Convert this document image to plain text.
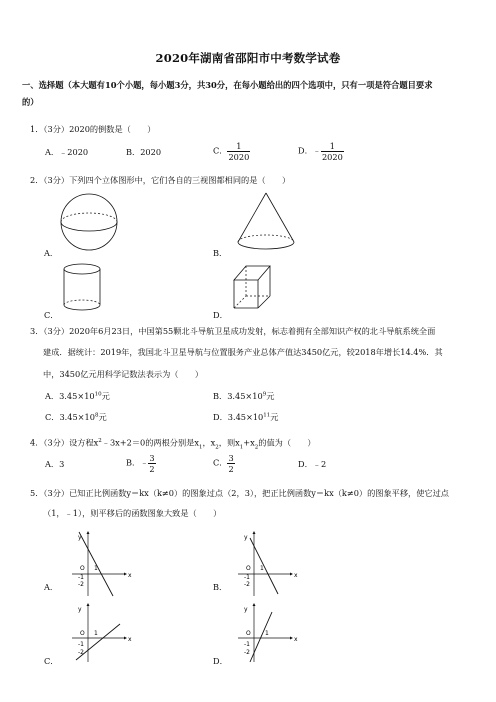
2020年湖南省邵阳市中考数学试卷
一、选择题（本大题有10个小题，每小题3分，共30分，在每小题给出的四个选项中，只有一项是符合题目要求
的）
1．（3分）2020的倒数是（　　）
A．﹣2020	B．2020	C． $\frac{1}{2020}$	D．﹣ $\frac{1}{2020}$
2．（3分）下列四个立体图形中，它们各自的三视图都相同的是（　　）
A．	B．
C．	D．
3．（3分）2020年6月23日，中国第55颗北斗导航卫星成功发射，标志着拥有全部知识产权的北斗导航系统全面
建成．据统计：2019年，我国北斗卫星导航与位置服务产业总体产值达3450亿元，较2018年增长14.4%．其
中，3450亿元用科学记数法表示为（　　）
A．$3.45\times 10^{10}$元	B．$3.45\times 10^9$元
C．$3.45\times 10^8$元	D．$3.45\times 10^{11}$元
4．（3分）设方程$x^2﹣3x+2=0$的两根分别是$x_1$，$x_2$，则$x_1+x_2$的值为（　　）
A．3	B．﹣ $\frac{3}{2}$	C． $\frac{3}{2}$	D．﹣2
5．（3分）已知正比例函数y＝kx（k≠0）的图象过点（2，3），把正比例函数y＝kx（k≠0）的图象平移，使它过点
（1，﹣1），则平移后的函数图象大致是（　　）
x
y
O 1
-1
-2
A．
x
y
O 1
-1
-2
B．
x
y
O 1
-1
-2
C．
x
y
O 1
-1
-2
D．
